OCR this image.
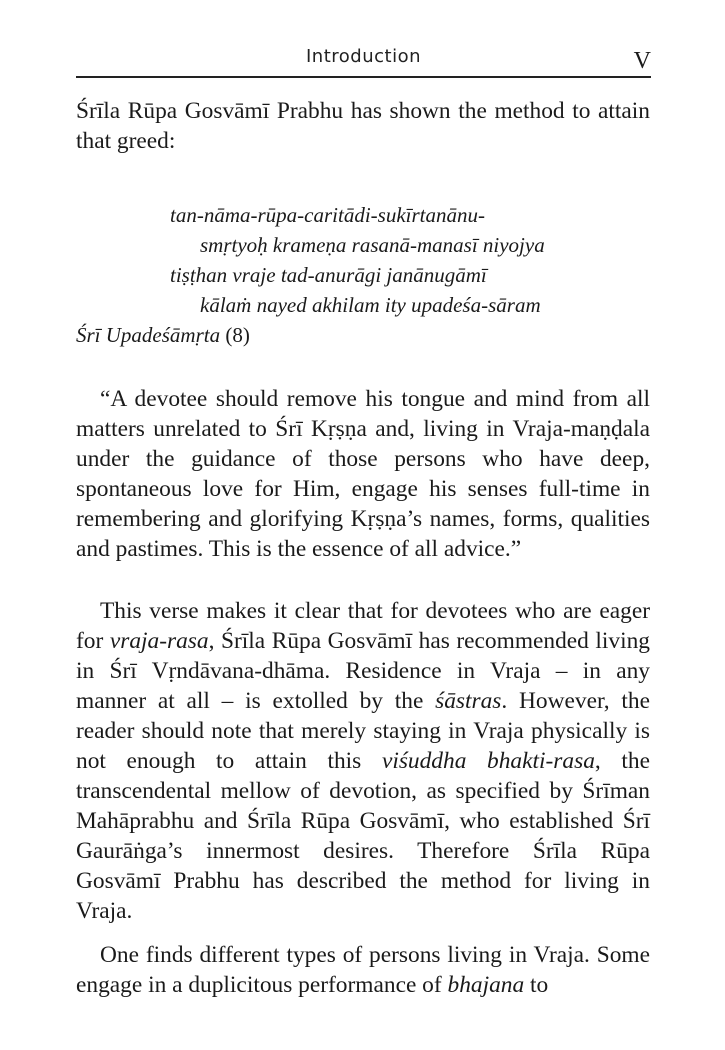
Introduction	V

Śrīla Rūpa Gosvāmī Prabhu has shown the method to attain that greed:

tan-nāma-rūpa-caritādi-sukīrtanānu-
smṛtyoḥ krameṇa rasanā-manasī niyojya
tiṣṭhan vraje tad-anurāgi janānugāmī
kālaṁ nayed akhilam ity upadeśa-sāram

Śrī Upadeśāmṛta (8)

“A devotee should remove his tongue and mind from all matters unrelated to Śrī Kṛṣṇa and, living in Vraja-maṇḍala under the guidance of those persons who have deep, spontaneous love for Him, engage his senses full-time in remembering and glorifying Kṛṣṇa’s names, forms, qualities and pastimes. This is the essence of all advice.”

This verse makes it clear that for devotees who are eager for vraja-rasa, Śrīla Rūpa Gosvāmī has recommended living in Śrī Vṛndāvana-dhāma. Residence in Vraja – in any manner at all – is extolled by the śāstras. However, the reader should note that merely staying in Vraja physically is not enough to attain this viśuddha bhakti-rasa, the transcendental mellow of devotion, as specified by Śrīman Mahāprabhu and Śrīla Rūpa Gosvāmī, who established Śrī Gaurāṅga’s innermost desires. Therefore Śrīla Rūpa Gosvāmī Prabhu has described the method for living in Vraja.

One finds different types of persons living in Vraja. Some engage in a duplicitous performance of bhajana to
